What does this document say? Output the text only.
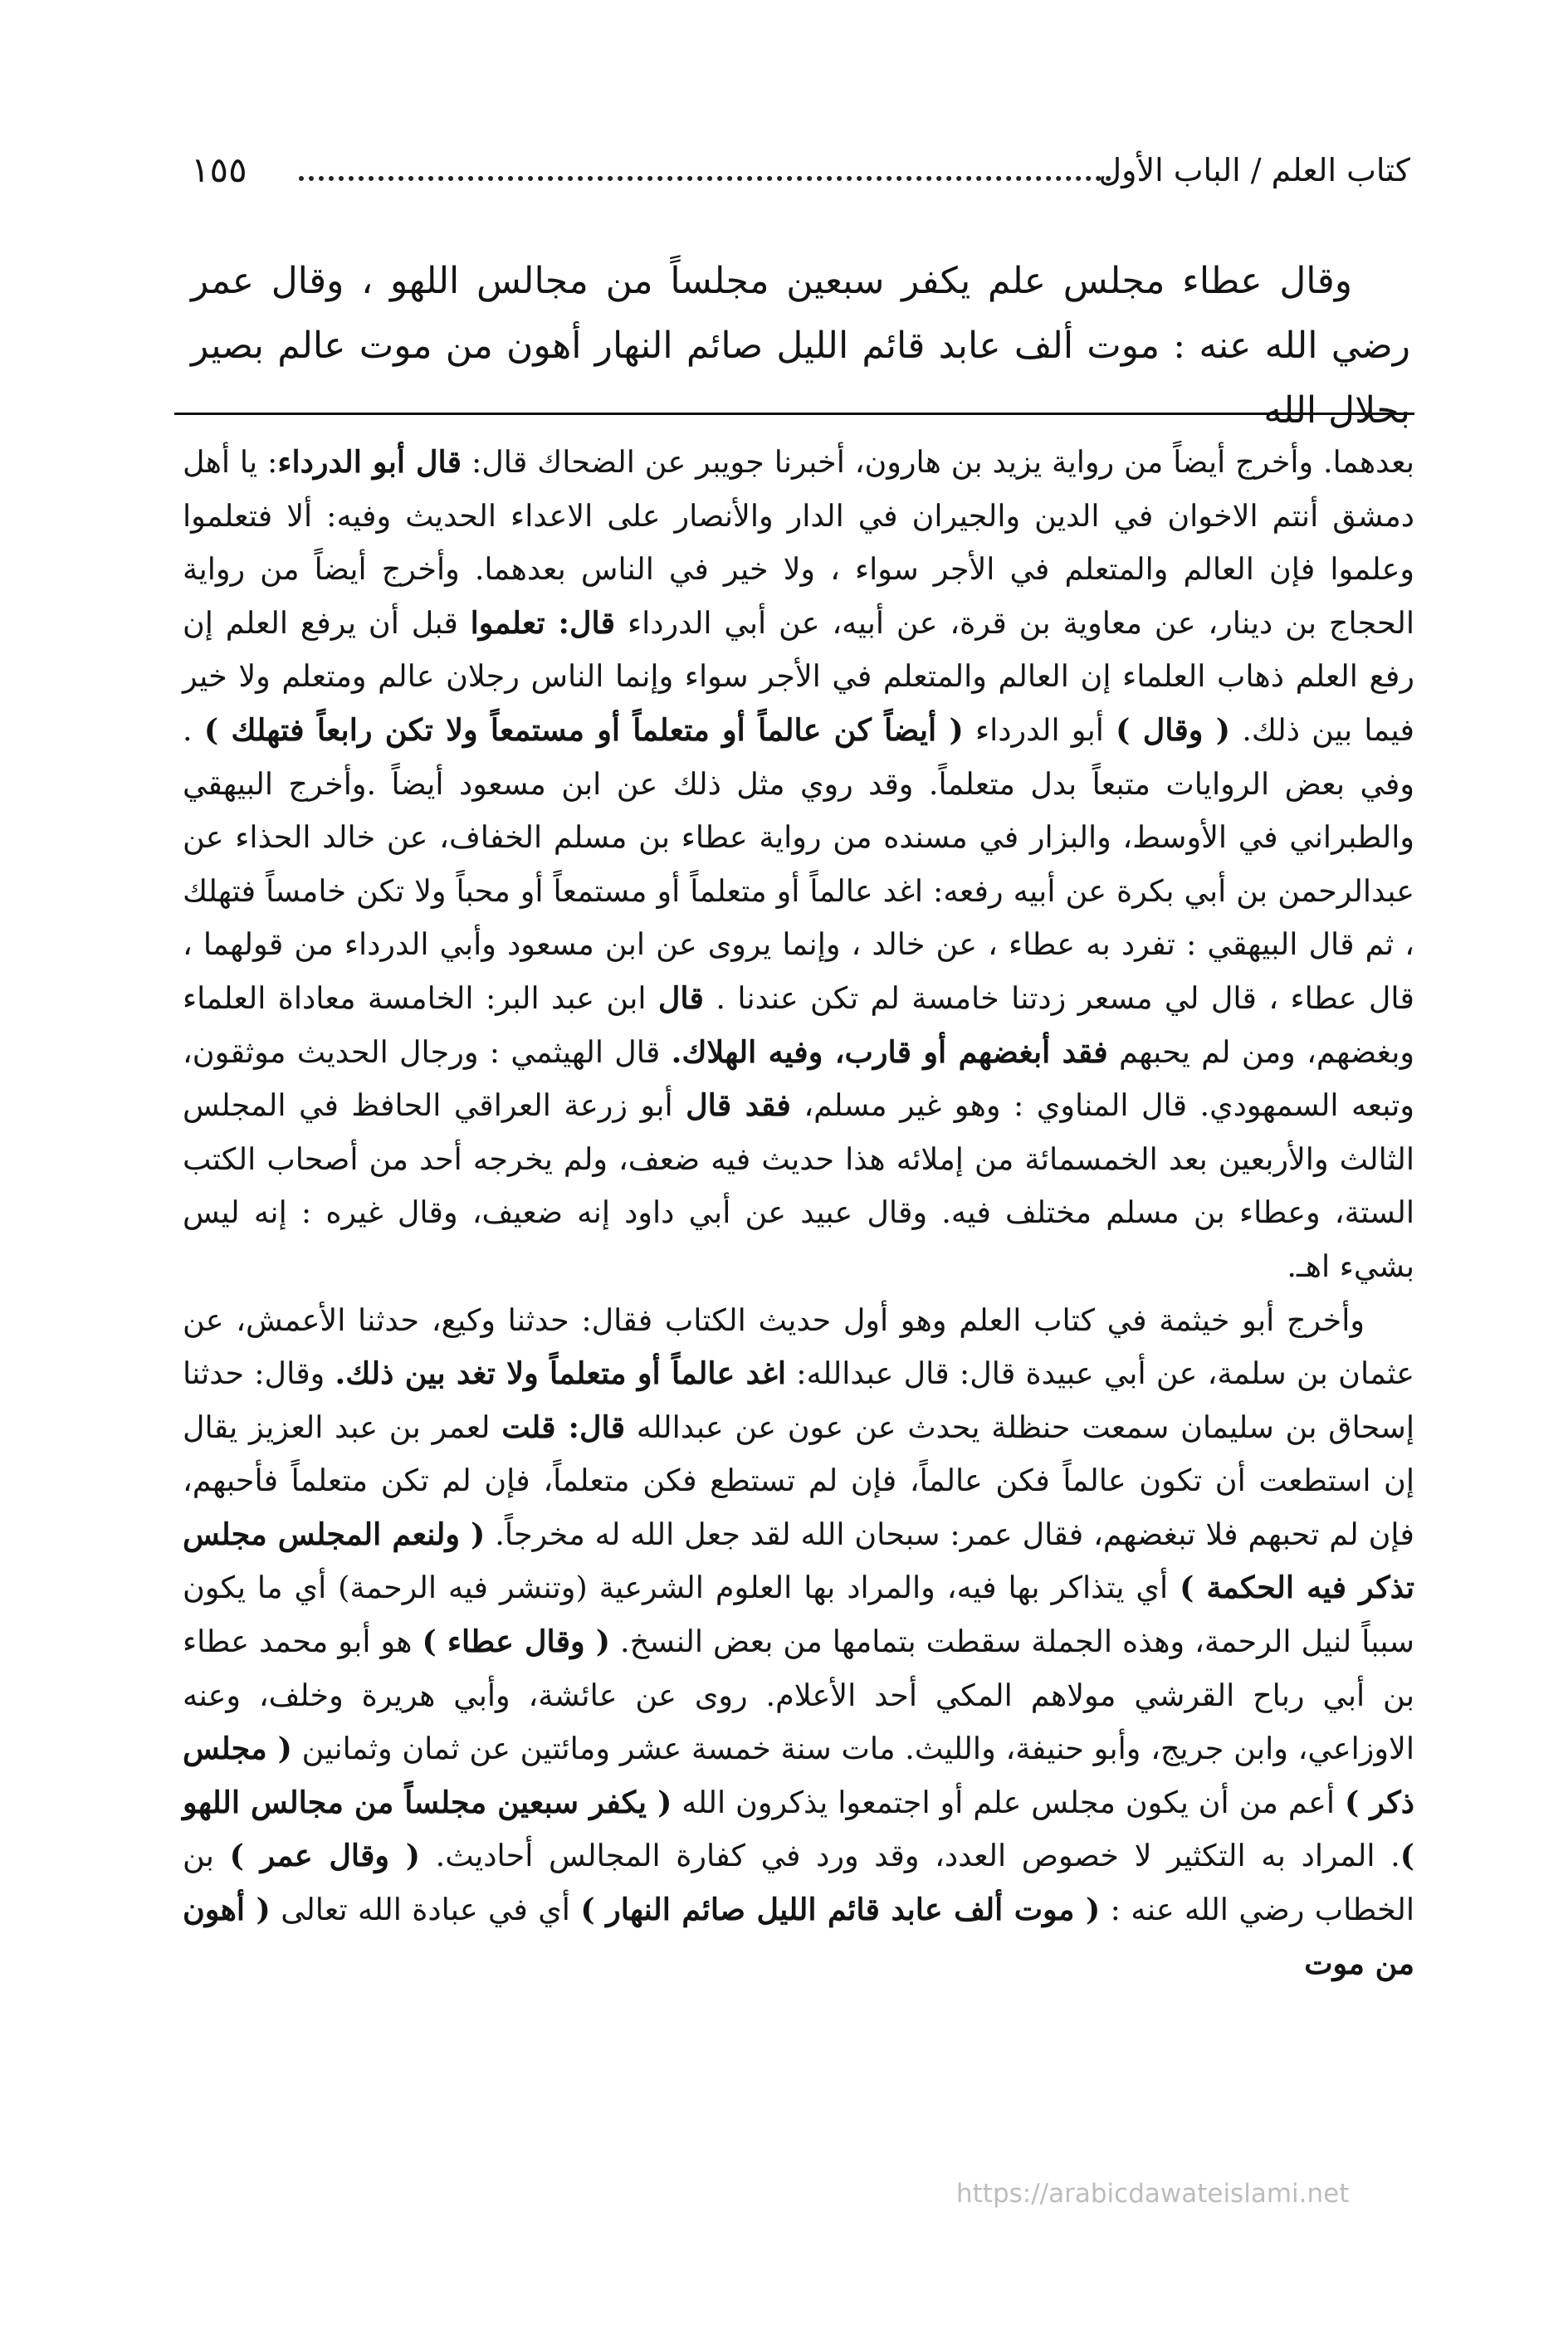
كتاب العلم / الباب الأول
١٥٥

وقال عطاء مجلس علم يكفر سبعين مجلساً من مجالس اللهو ، وقال عمر رضي الله عنه : موت ألف عابد قائم الليل صائم النهار أهون من موت عالم بصير بحلال الله

بعدهما. وأخرج أيضاً من رواية يزيد بن هارون، أخبرنا جويبر عن الضحاك قال: قال أبو الدرداء: يا أهل دمشق أنتم الاخوان في الدين والجيران في الدار والأنصار على الاعداء الحديث وفيه: ألا فتعلموا وعلموا فإن العالم والمتعلم في الأجر سواء ، ولا خير في الناس بعدهما. وأخرج أيضاً من رواية الحجاج بن دينار، عن معاوية بن قرة، عن أبيه، عن أبي الدرداء قال: تعلموا قبل أن يرفع العلم إن رفع العلم ذهاب العلماء إن العالم والمتعلم في الأجر سواء وإنما الناس رجلان عالم ومتعلم ولا خير فيما بين ذلك. ( وقال ) أبو الدرداء ( أيضاً كن عالماً أو متعلماً أو مستمعاً ولا تكن رابعاً فتهلك ) . وفي بعض الروايات متبعاً بدل متعلماً. وقد روي مثل ذلك عن ابن مسعود أيضاً .وأخرج البيهقي والطبراني في الأوسط، والبزار في مسنده من رواية عطاء بن مسلم الخفاف، عن خالد الحذاء عن عبدالرحمن بن أبي بكرة عن أبيه رفعه: اغد عالماً أو متعلماً أو مستمعاً أو محباً ولا تكن خامساً فتهلك ، ثم قال البيهقي : تفرد به عطاء ، عن خالد ، وإنما يروى عن ابن مسعود وأبي الدرداء من قولهما ، قال عطاء ، قال لي مسعر زدتنا خامسة لم تكن عندنا . قال ابن عبد البر: الخامسة معاداة العلماء وبغضهم، ومن لم يحبهم فقد أبغضهم أو قارب، وفيه الهلاك. قال الهيثمي : ورجال الحديث موثقون، وتبعه السمهودي. قال المناوي : وهو غير مسلم، فقد قال أبو زرعة العراقي الحافظ في المجلس الثالث والأربعين بعد الخمسمائة من إملائه هذا حديث فيه ضعف، ولم يخرجه أحد من أصحاب الكتب الستة، وعطاء بن مسلم مختلف فيه. وقال عبيد عن أبي داود إنه ضعيف، وقال غيره : إنه ليس بشيء اهـ.

وأخرج أبو خيثمة في كتاب العلم وهو أول حديث الكتاب فقال: حدثنا وكيع، حدثنا الأعمش، عن عثمان بن سلمة، عن أبي عبيدة قال: قال عبدالله: اغد عالماً أو متعلماً ولا تغد بين ذلك. وقال: حدثنا إسحاق بن سليمان سمعت حنظلة يحدث عن عون عن عبدالله قال: قلت لعمر بن عبد العزيز يقال إن استطعت أن تكون عالماً فكن عالماً، فإن لم تستطع فكن متعلماً، فإن لم تكن متعلماً فأحبهم، فإن لم تحبهم فلا تبغضهم، فقال عمر: سبحان الله لقد جعل الله له مخرجاً. ( ولنعم المجلس مجلس تذكر فيه الحكمة ) أي يتذاكر بها فيه، والمراد بها العلوم الشرعية (وتنشر فيه الرحمة) أي ما يكون سبباً لنيل الرحمة، وهذه الجملة سقطت بتمامها من بعض النسخ. ( وقال عطاء ) هو أبو محمد عطاء بن أبي رباح القرشي مولاهم المكي أحد الأعلام. روى عن عائشة، وأبي هريرة وخلف، وعنه الاوزاعي، وابن جريج، وأبو حنيفة، والليث. مات سنة خمسة عشر ومائتين عن ثمان وثمانين ( مجلس ذكر ) أعم من أن يكون مجلس علم أو اجتمعوا يذكرون الله ( يكفر سبعين مجلساً من مجالس اللهو ). المراد به التكثير لا خصوص العدد، وقد ورد في كفارة المجالس أحاديث. ( وقال عمر ) بن الخطاب رضي الله عنه : ( موت ألف عابد قائم الليل صائم النهار ) أي في عبادة الله تعالى ( أهون من موت

https://arabicdawateislami.net
